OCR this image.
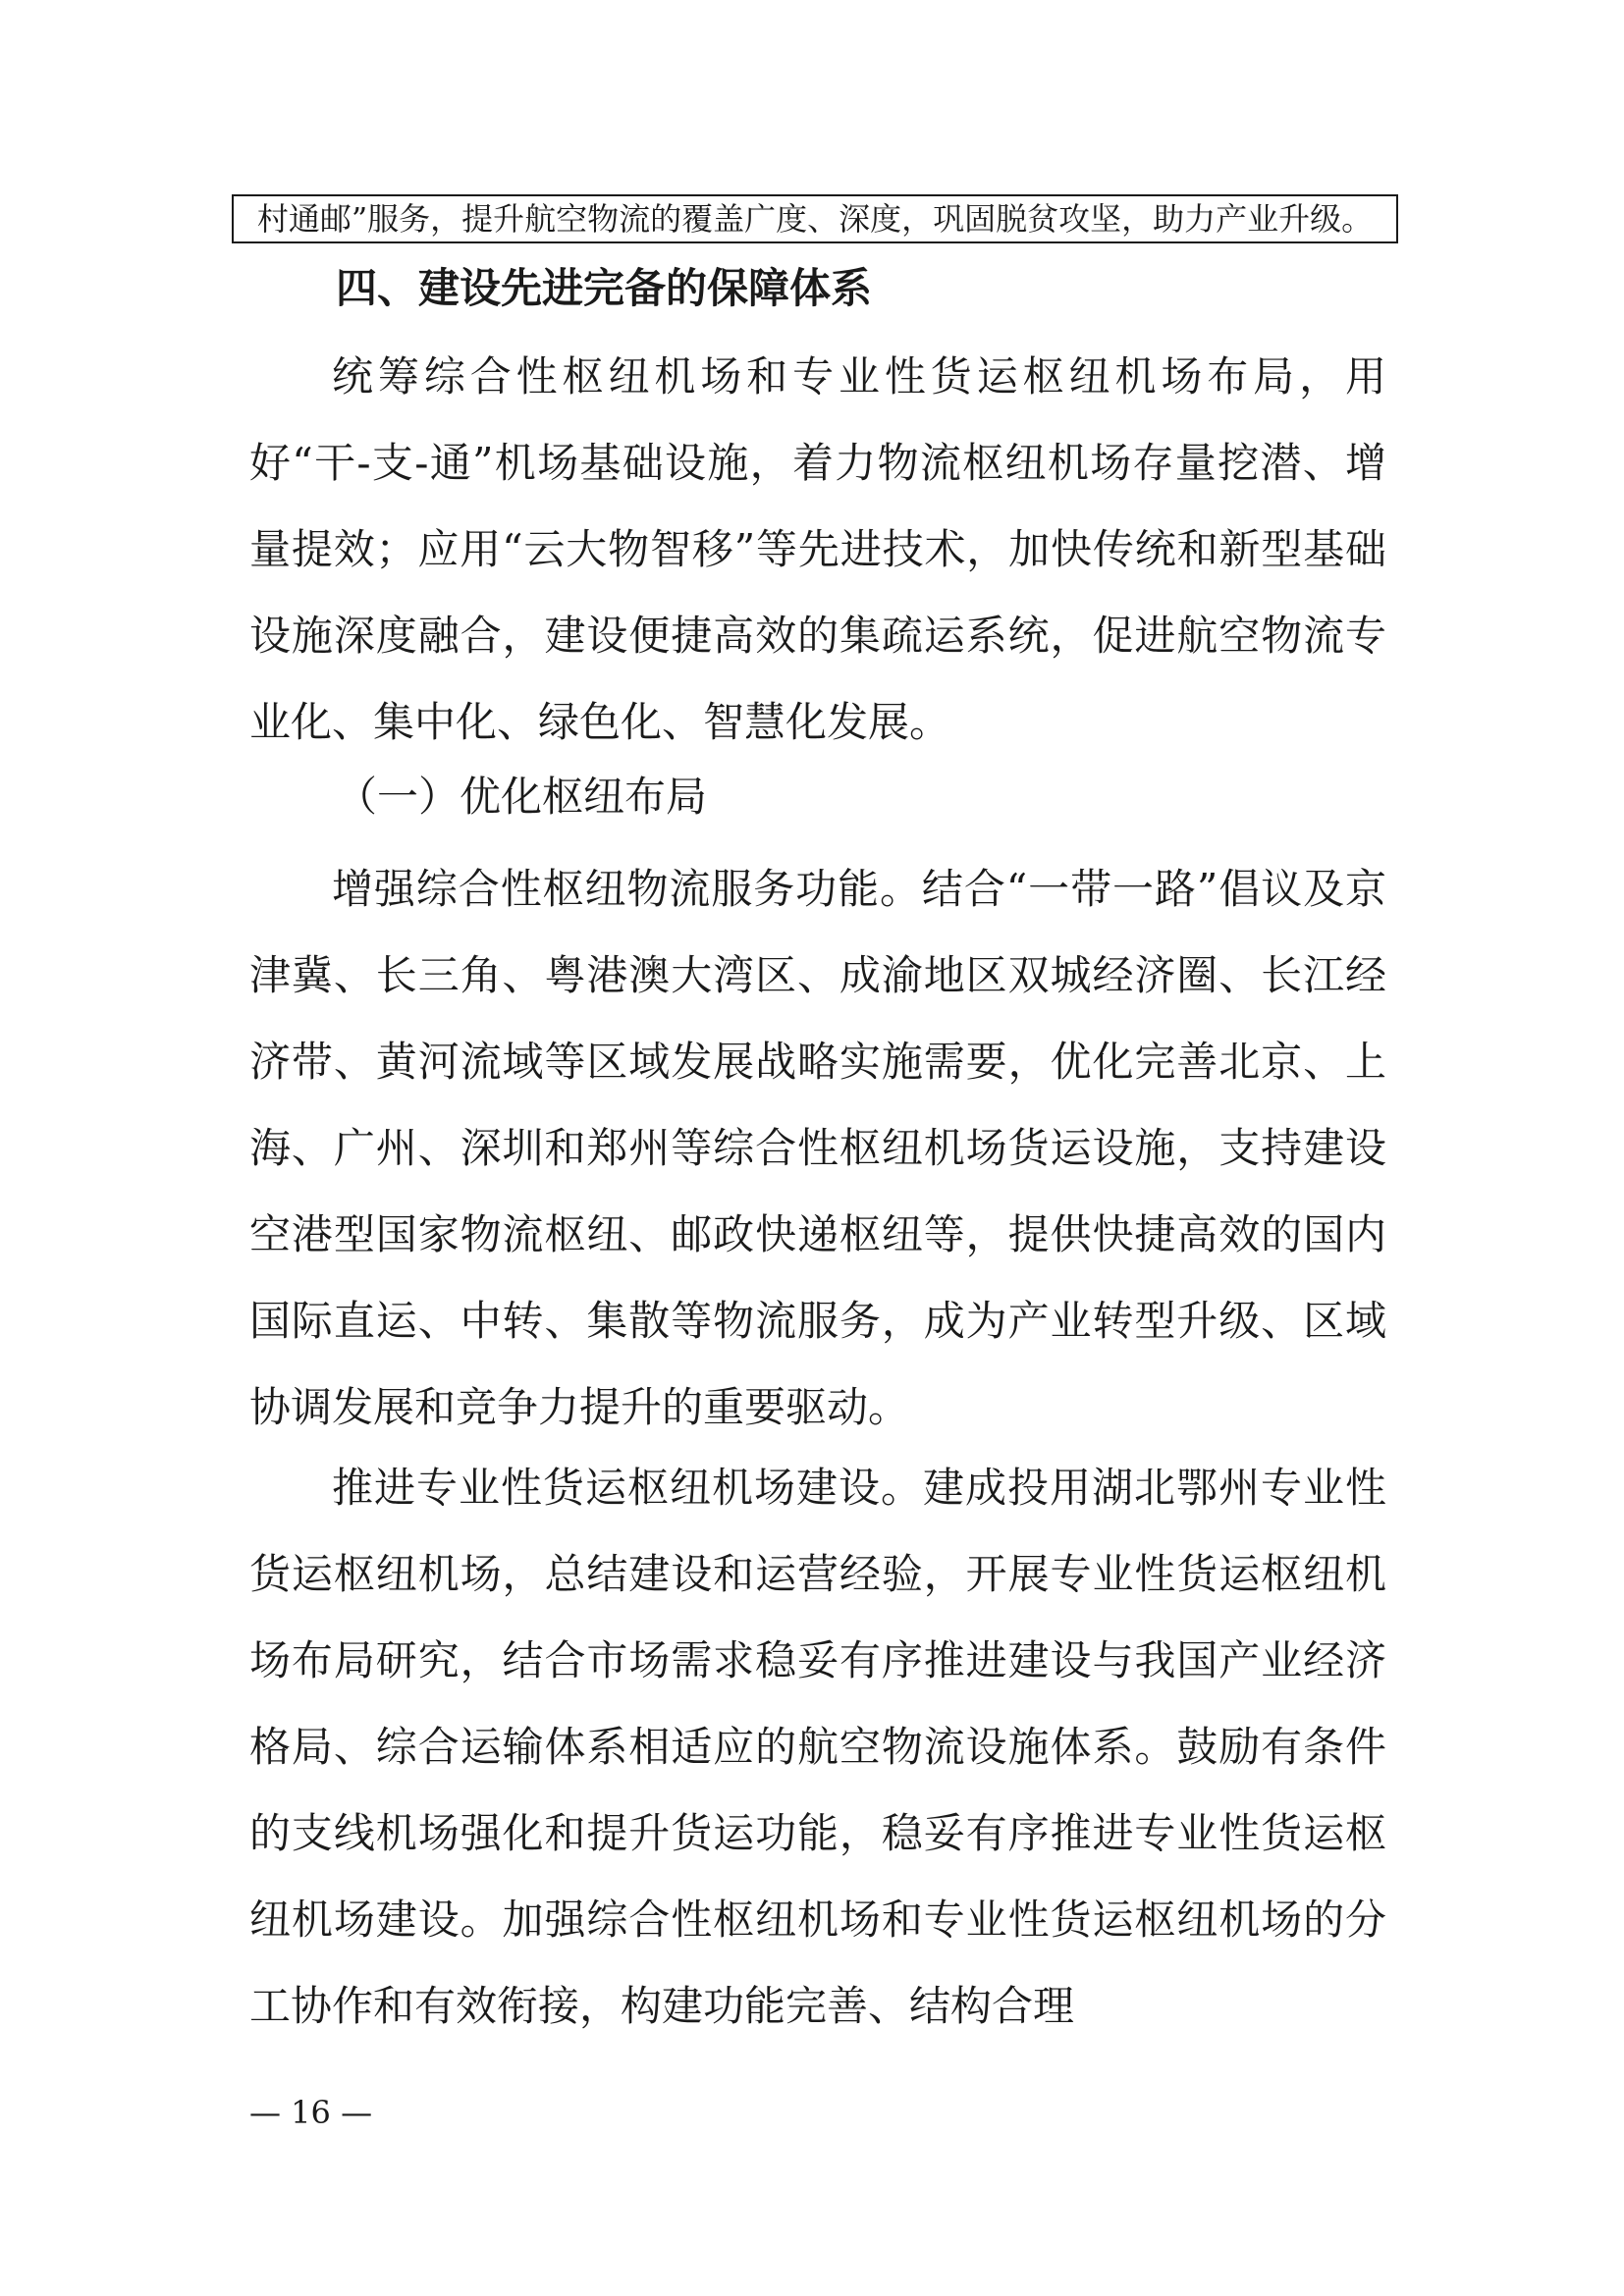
村通邮”服务，提升航空物流的覆盖广度、深度，巩固脱贫攻坚，助力产业升级。
四、建设先进完备的保障体系

统筹综合性枢纽机场和专业性货运枢纽机场布局，用好“干-支-通”机场基础设施，着力物流枢纽机场存量挖潜、增量提效；应用“云大物智移”等先进技术，加快传统和新型基础设施深度融合，建设便捷高效的集疏运系统，促进航空物流专业化、集中化、绿色化、智慧化发展。

（一）优化枢纽布局

增强综合性枢纽物流服务功能。结合“一带一路”倡议及京津冀、长三角、粤港澳大湾区、成渝地区双城经济圈、长江经济带、黄河流域等区域发展战略实施需要，优化完善北京、上海、广州、深圳和郑州等综合性枢纽机场货运设施，支持建设空港型国家物流枢纽、邮政快递枢纽等，提供快捷高效的国内国际直运、中转、集散等物流服务，成为产业转型升级、区域协调发展和竞争力提升的重要驱动。

推进专业性货运枢纽机场建设。建成投用湖北鄂州专业性货运枢纽机场，总结建设和运营经验，开展专业性货运枢纽机场布局研究，结合市场需求稳妥有序推进建设与我国产业经济格局、综合运输体系相适应的航空物流设施体系。鼓励有条件的支线机场强化和提升货运功能，稳妥有序推进专业性货运枢纽机场建设。加强综合性枢纽机场和专业性货运枢纽机场的分工协作和有效衔接，构建功能完善、结构合理

— 16 —
